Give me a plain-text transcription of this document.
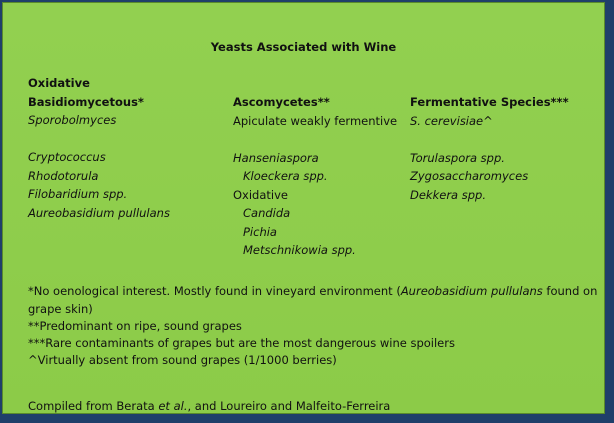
Yeasts Associated with Wine
Oxidative
Basidiomycetous*
Sporobolmyces
Cryptococcus
Rhodotorula
Filobaridium spp.
Aureobasidium pullulans
Ascomycetes**
Apiculate weakly fermentive
Hanseniaspora
Kloeckera spp.
Oxidative
Candida
Pichia
Metschnikowia spp.
Fermentative Species***
S. cerevisiae^
Torulaspora spp.
Zygosaccharomyces
Dekkera spp.
*No oenological interest. Mostly found in vineyard environment (Aureobasidium pullulans found on grape skin)
**Predominant on ripe, sound grapes
***Rare contaminants of grapes but are the most dangerous wine spoilers
^Virtually absent from sound grapes (1/1000 berries)
Compiled from Berata et al., and Loureiro and Malfeito-Ferreira
